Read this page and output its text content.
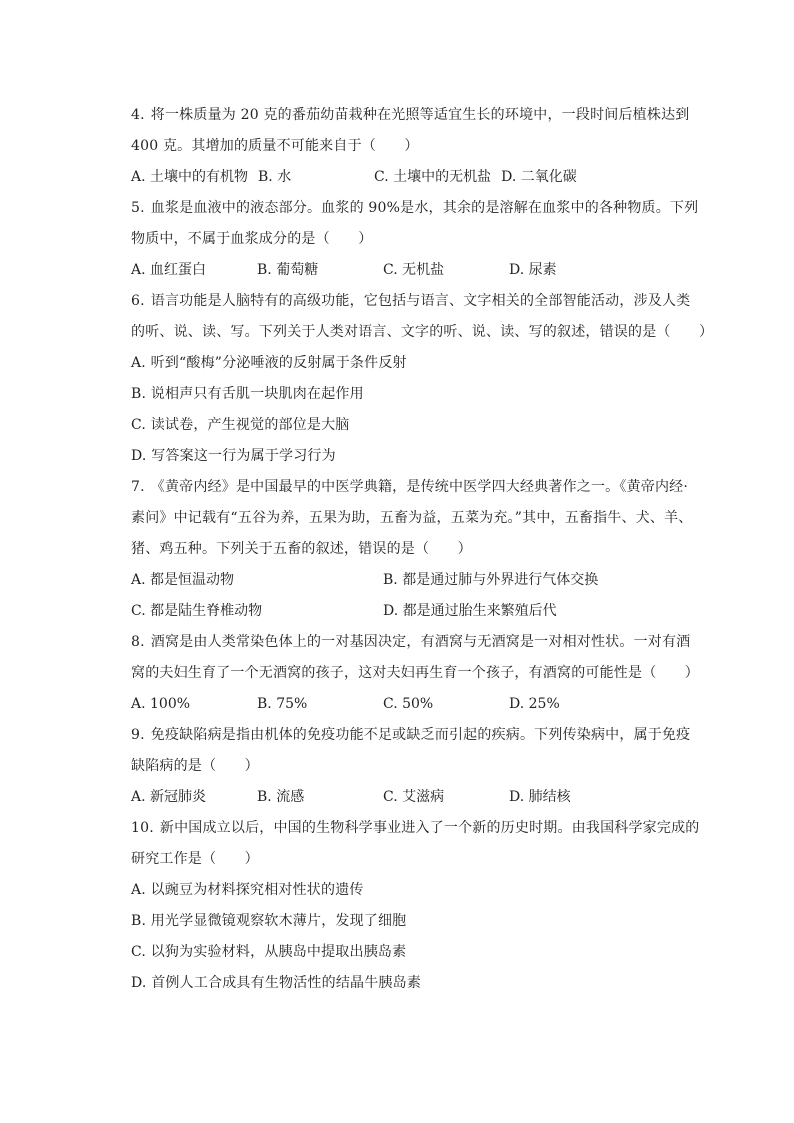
4. 将一株质量为 20 克的番茄幼苗栽种在光照等适宜生长的环境中，一段时间后植株达到
400 克。其增加的质量不可能来自于（　　）
A. 土壤中的有机物 B. 水	C. 土壤中的无机盐 D. 二氧化碳
5. 血浆是血液中的液态部分。血浆的 90%是水，其余的是溶解在血浆中的各种物质。下列
物质中，不属于血浆成分的是（　　）
A. 血红蛋白	B. 葡萄糖	C. 无机盐	D. 尿素
6. 语言功能是人脑特有的高级功能，它包括与语言、文字相关的全部智能活动，涉及人类
的听、说、读、写。下列关于人类对语言、文字的听、说、读、写的叙述，错误的是（　　）
A. 听到“酸梅”分泌唾液的反射属于条件反射
B. 说相声只有舌肌一块肌肉在起作用
C. 读试卷，产生视觉的部位是大脑
D. 写答案这一行为属于学习行为
7. 《黄帝内经》是中国最早的中医学典籍，是传统中医学四大经典著作之一。《黄帝内经·
素问》中记载有“五谷为养，五果为助，五畜为益，五菜为充。”其中，五畜指牛、犬、羊、
猪、鸡五种。下列关于五畜的叙述，错误的是（　　）
A. 都是恒温动物	B. 都是通过肺与外界进行气体交换
C. 都是陆生脊椎动物	D. 都是通过胎生来繁殖后代
8. 酒窝是由人类常染色体上的一对基因决定，有酒窝与无酒窝是一对相对性状。一对有酒
窝的夫妇生育了一个无酒窝的孩子，这对夫妇再生育一个孩子，有酒窝的可能性是（　　）
A. 100%	B. 75%	C. 50%	D. 25%
9. 免疫缺陷病是指由机体的免疫功能不足或缺乏而引起的疾病。下列传染病中，属于免疫
缺陷病的是（　　）
A. 新冠肺炎	B. 流感	C. 艾滋病	D. 肺结核
10. 新中国成立以后，中国的生物科学事业进入了一个新的历史时期。由我国科学家完成的
研究工作是（　　）
A. 以豌豆为材料探究相对性状的遗传
B. 用光学显微镜观察软木薄片，发现了细胞
C. 以狗为实验材料，从胰岛中提取出胰岛素
D. 首例人工合成具有生物活性的结晶牛胰岛素
